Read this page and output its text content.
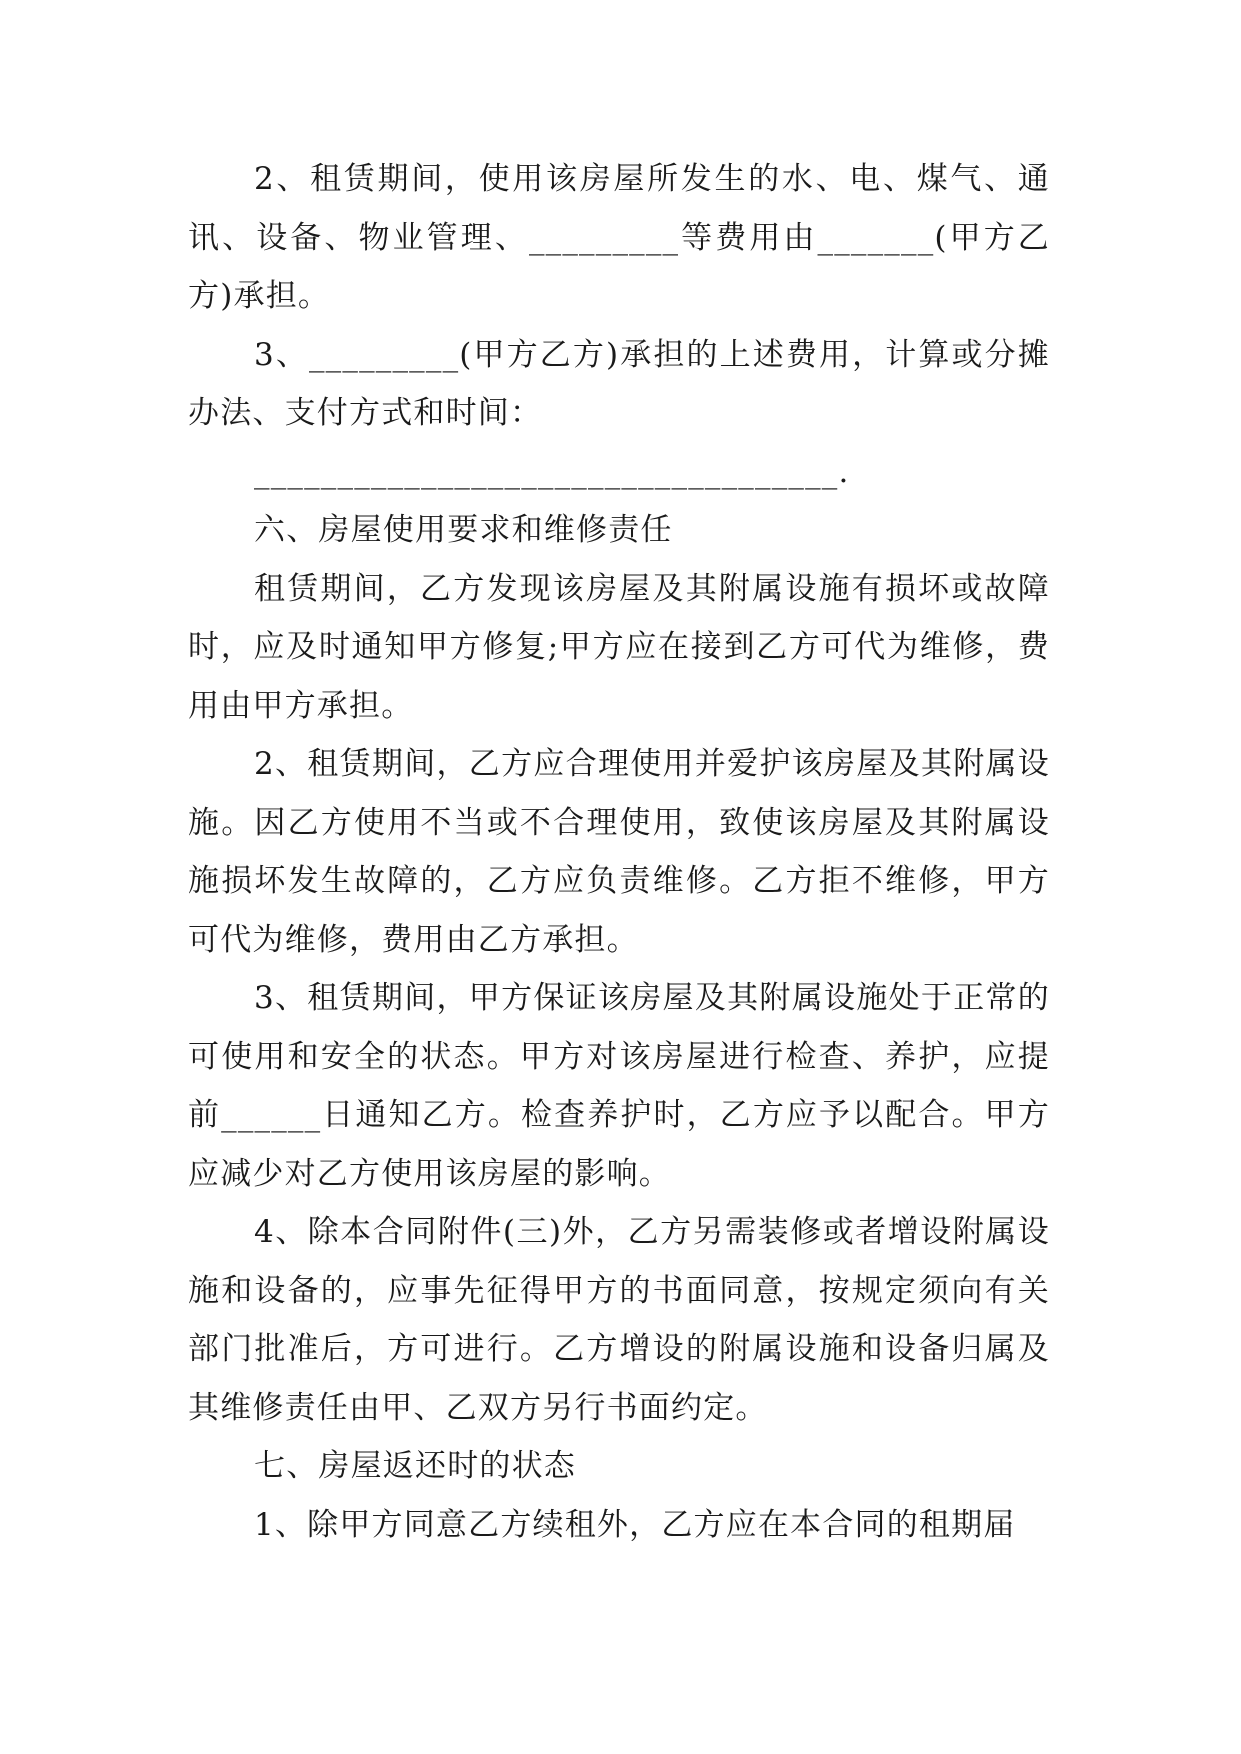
2、租赁期间，使用该房屋所发生的水、电、煤气、通讯、设备、物业管理、_________等费用由_______(甲方乙方)承担。

3、_________(甲方乙方)承担的上述费用，计算或分摊办法、支付方式和时间：

___________________________________.

六、房屋使用要求和维修责任

租赁期间，乙方发现该房屋及其附属设施有损坏或故障时，应及时通知甲方修复;甲方应在接到乙方可代为维修，费用由甲方承担。

2、租赁期间，乙方应合理使用并爱护该房屋及其附属设施。因乙方使用不当或不合理使用，致使该房屋及其附属设施损坏发生故障的，乙方应负责维修。乙方拒不维修，甲方可代为维修，费用由乙方承担。

3、租赁期间，甲方保证该房屋及其附属设施处于正常的可使用和安全的状态。甲方对该房屋进行检查、养护，应提前______日通知乙方。检查养护时，乙方应予以配合。甲方应减少对乙方使用该房屋的影响。

4、除本合同附件(三)外，乙方另需装修或者增设附属设施和设备的，应事先征得甲方的书面同意，按规定须向有关部门批准后，方可进行。乙方增设的附属设施和设备归属及其维修责任由甲、乙双方另行书面约定。

七、房屋返还时的状态

1、除甲方同意乙方续租外，乙方应在本合同的租期届
